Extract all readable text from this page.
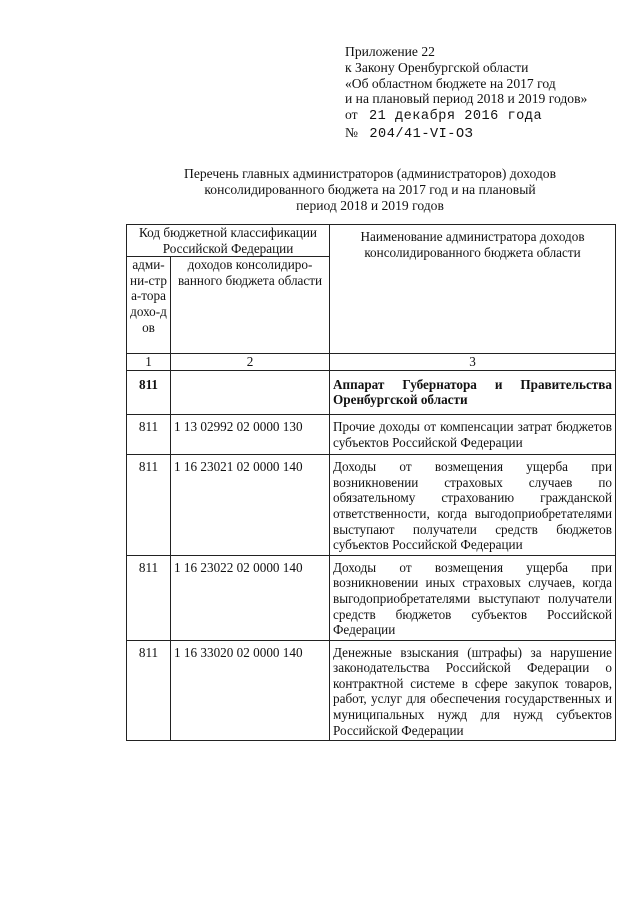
Приложение 22
к Закону Оренбургской области
«Об областном бюджете на 2017 год
и на плановый период 2018 и 2019 годов»
от 21 декабря 2016 года
№ 204/41-VI-OЗ
Перечень главных администраторов (администраторов) доходов
консолидированного бюджета на 2017 год и на плановый
период 2018 и 2019 годов
Код бюджетной классификации Российской Федерации		Наименование администратора доходов консолидированного бюджета области
адми-ни-стра-тора дохо-дов	доходов консолидиро-ванного бюджета области	
1	2	3
811		Аппарат Губернатора и Правительства Оренбургской области
811	1 13 02992 02 0000 130	Прочие доходы от компенсации затрат бюджетов субъектов Российской Федерации
811	1 16 23021 02 0000 140	Доходы от возмещения ущерба при возникновении страховых случаев по обязательному страхованию гражданской ответственности, когда выгодоприобретателями выступают получатели средств бюджетов субъектов Российской Федерации
811	1 16 23022 02 0000 140	Доходы от возмещения ущерба при возникновении иных страховых случаев, когда выгодоприобретателями выступают получатели средств бюджетов субъектов Российской Федерации
811	1 16 33020 02 0000 140	Денежные взыскания (штрафы) за нарушение законодательства Российской Федерации о контрактной системе в сфере закупок товаров, работ, услуг для обеспечения государственных и муниципальных нужд для нужд субъектов Российской Федерации
